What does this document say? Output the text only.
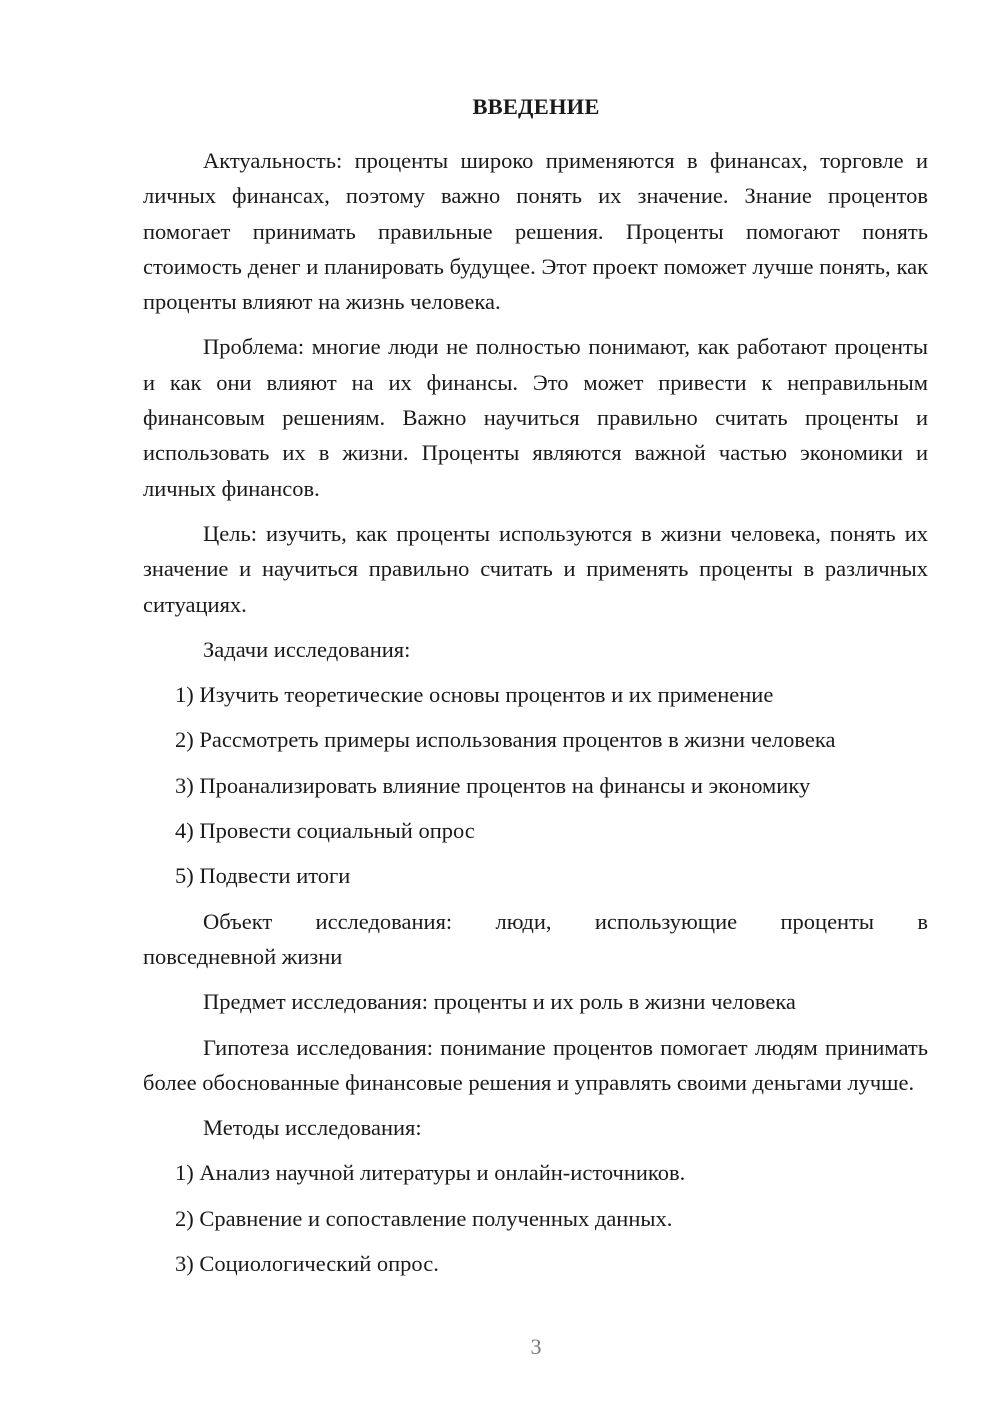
ВВЕДЕНИЕ

Актуальность: проценты широко применяются в финансах, торговле и личных финансах, поэтому важно понять их значение. Знание процентов помогает принимать правильные решения. Проценты помогают понять стоимость денег и планировать будущее. Этот проект поможет лучше понять, как проценты влияют на жизнь человека.

Проблема: многие люди не полностью понимают, как работают проценты и как они влияют на их финансы. Это может привести к неправильным финансовым решениям. Важно научиться правильно считать проценты и использовать их в жизни. Проценты являются важной частью экономики и личных финансов.

Цель: изучить, как проценты используются в жизни человека, понять их значение и научиться правильно считать и применять проценты в различных ситуациях.

Задачи исследования:

1) Изучить теоретические основы процентов и их применение

2) Рассмотреть примеры использования процентов в жизни человека

3) Проанализировать влияние процентов на финансы и экономику

4) Провести социальный опрос

5) Подвести итоги

Объект исследования: люди, использующие проценты в
повседневной жизни

Предмет исследования: проценты и их роль в жизни человека

Гипотеза исследования: понимание процентов помогает людям принимать более обоснованные финансовые решения и управлять своими деньгами лучше.

Методы исследования:

1) Анализ научной литературы и онлайн-источников.

2) Сравнение и сопоставление полученных данных.

3) Социологический опрос.

3
